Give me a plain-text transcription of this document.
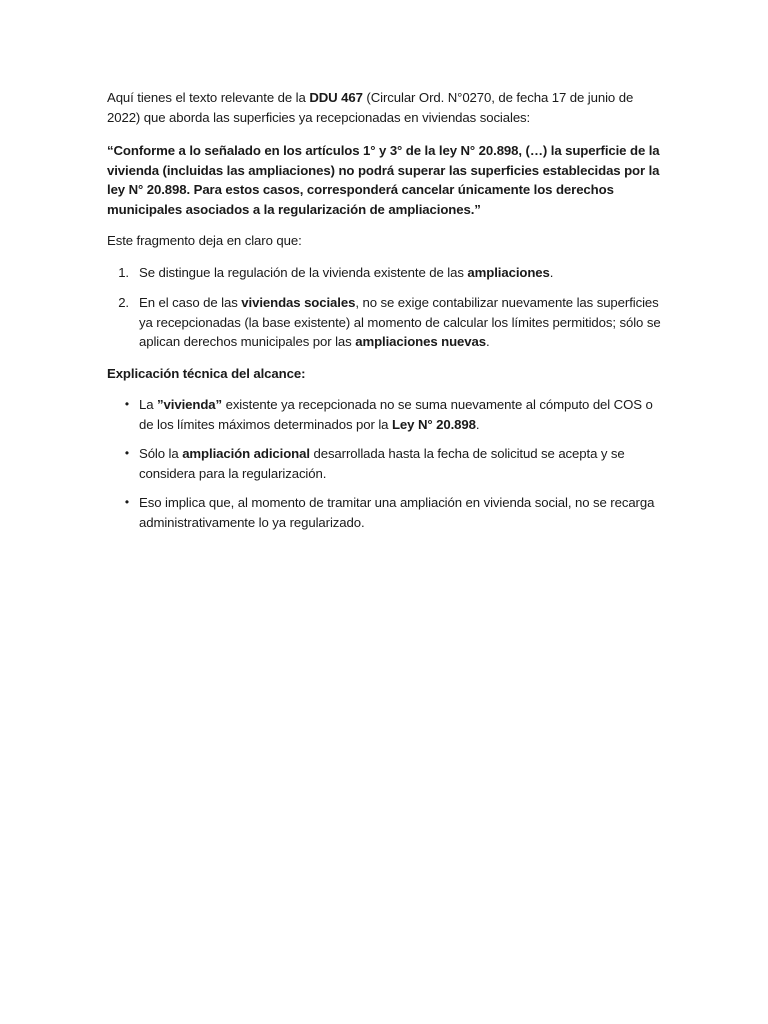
Aquí tienes el texto relevante de la DDU 467 (Circular Ord. N°0270, de fecha 17 de junio de 2022) que aborda las superficies ya recepcionadas en viviendas sociales:

“Conforme a lo señalado en los artículos 1° y 3° de la ley N° 20.898, (…) la superficie de la vivienda (incluidas las ampliaciones) no podrá superar las superficies establecidas por la ley N° 20.898. Para estos casos, corresponderá cancelar únicamente los derechos municipales asociados a la regularización de ampliaciones.”

Este fragmento deja en claro que:

1. Se distingue la regulación de la vivienda existente de las ampliaciones.
2. En el caso de las viviendas sociales, no se exige contabilizar nuevamente las superficies ya recepcionadas (la base existente) al momento de calcular los límites permitidos; sólo se aplican derechos municipales por las ampliaciones nuevas.

Explicación técnica del alcance:

• La ”vivienda” existente ya recepcionada no se suma nuevamente al cómputo del COS o de los límites máximos determinados por la Ley N° 20.898.
• Sólo la ampliación adicional desarrollada hasta la fecha de solicitud se acepta y se considera para la regularización.
• Eso implica que, al momento de tramitar una ampliación en vivienda social, no se recarga administrativamente lo ya regularizado.
